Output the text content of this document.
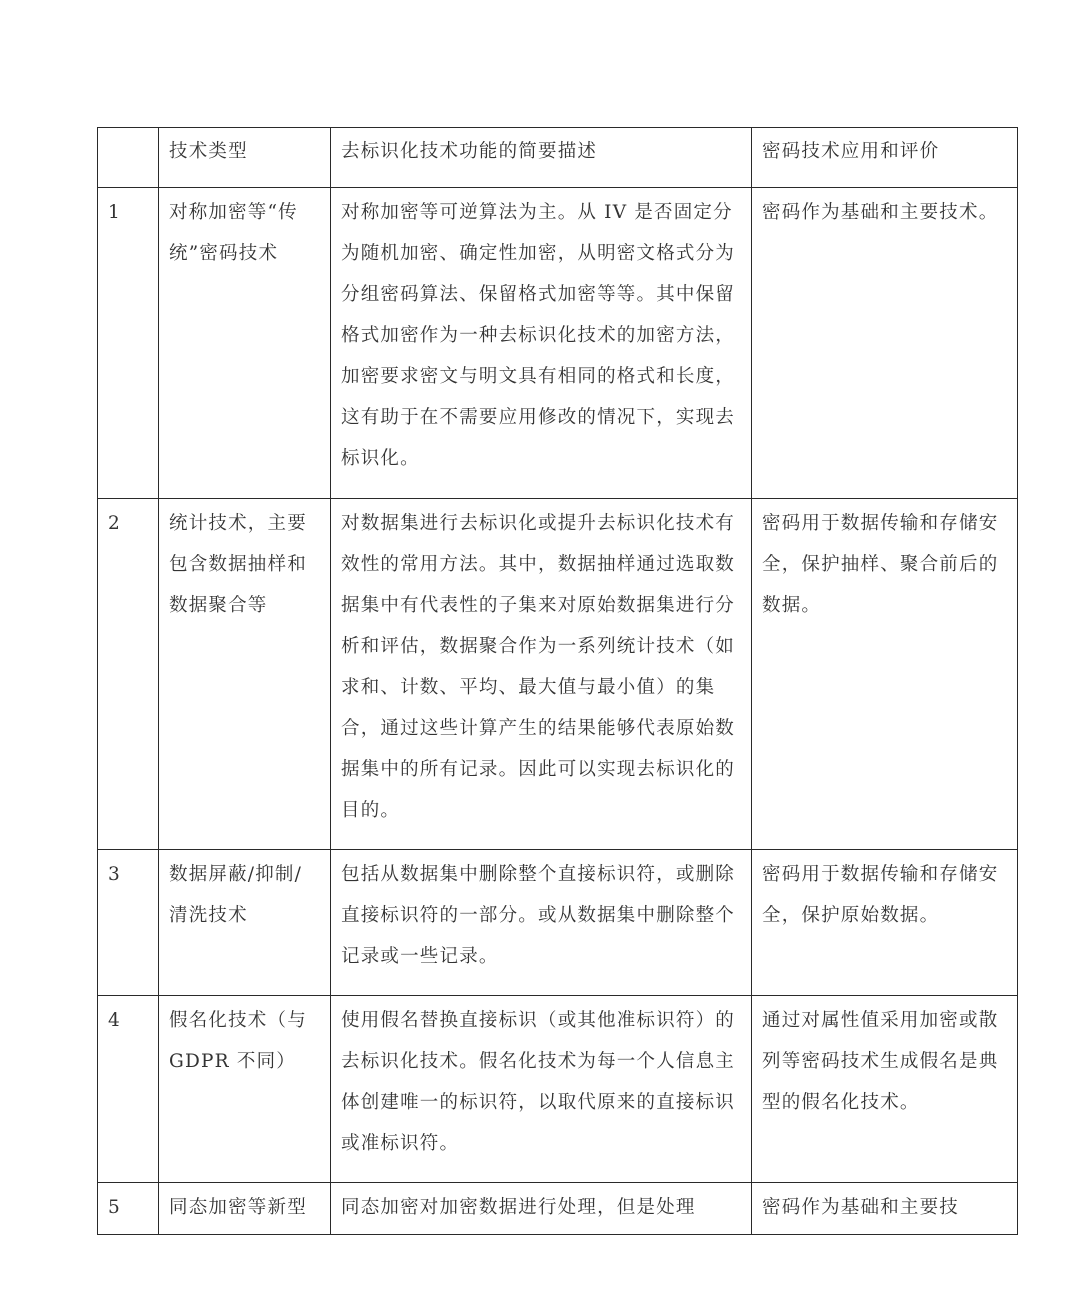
	技术类型	去标识化技术功能的简要描述	密码技术应用和评价
1	对称加密等“传统”密码技术	对称加密等可逆算法为主。从 IV 是否固定分为随机加密、确定性加密，从明密文格式分为分组密码算法、保留格式加密等等。其中保留格式加密作为一种去标识化技术的加密方法，加密要求密文与明文具有相同的格式和长度，这有助于在不需要应用修改的情况下，实现去标识化。	密码作为基础和主要技术。
2	统计技术，主要包含数据抽样和数据聚合等	对数据集进行去标识化或提升去标识化技术有效性的常用方法。其中，数据抽样通过选取数据集中有代表性的子集来对原始数据集进行分析和评估，数据聚合作为一系列统计技术（如求和、计数、平均、最大值与最小值）的集合，通过这些计算产生的结果能够代表原始数据集中的所有记录。因此可以实现去标识化的目的。	密码用于数据传输和存储安全，保护抽样、聚合前后的数据。
3	数据屏蔽/抑制/清洗技术	包括从数据集中删除整个直接标识符，或删除直接标识符的一部分。或从数据集中删除整个记录或一些记录。	密码用于数据传输和存储安全，保护原始数据。
4	假名化技术（与 GDPR 不同）	使用假名替换直接标识（或其他准标识符）的去标识化技术。假名化技术为每一个人信息主体创建唯一的标识符，以取代原来的直接标识或准标识符。	通过对属性值采用加密或散列等密码技术生成假名是典型的假名化技术。
5	同态加密等新型	同态加密对加密数据进行处理，但是处理	密码作为基础和主要技
